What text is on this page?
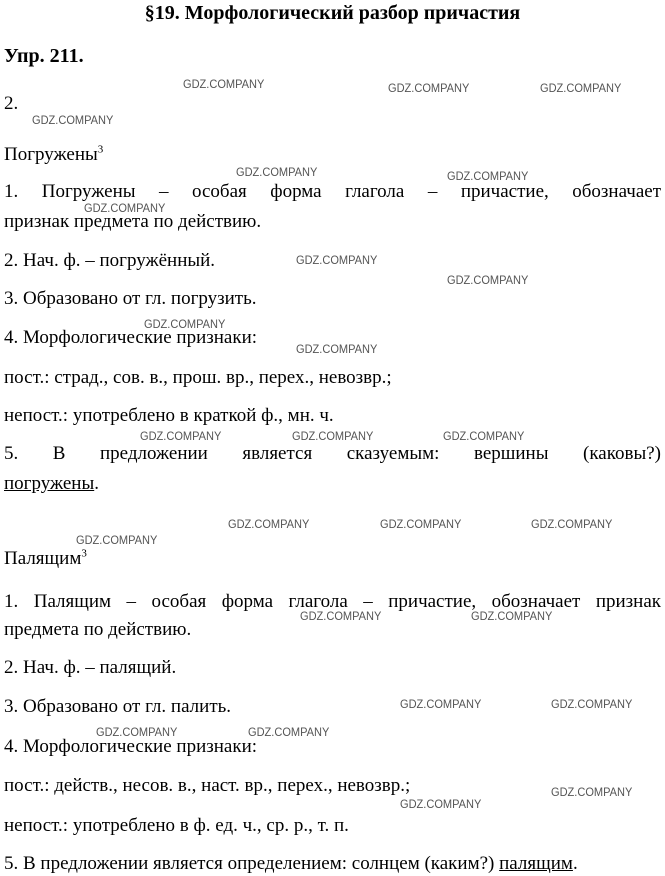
§19. Морфологический разбор причастия
Упр. 211.
2.
Погружены$^3$
1. Погружены – особая форма глагола – причастие, обозначает
признак предмета по действию.
2. Нач. ф. – погружённый.
3. Образовано от гл. погрузить.
4. Морфологические признаки:
пост.: страд., сов. в., прош. вр., перех., невозвр.;
непост.: употреблено в краткой ф., мн. ч.
5. В предложении является сказуемым: вершины (каковы?)
погружены.
Палящим$^3$
1. Палящим – особая форма глагола – причастие, обозначает признак
предмета по действию.
2. Нач. ф. – палящий.
3. Образовано от гл. палить.
4. Морфологические признаки:
пост.: действ., несов. в., наст. вр., перех., невозвр.;
непост.: употреблено в ф. ед. ч., ср. р., т. п.
5. В предложении является определением: солнцем (каким?) палящим.
GDZ.COMPANY	GDZ.COMPANY	GDZ.COMPANY
GDZ.COMPANY
GDZ.COMPANY	GDZ.COMPANY
GDZ.COMPANY
GDZ.COMPANY
GDZ.COMPANY
GDZ.COMPANY
GDZ.COMPANY
GDZ.COMPANY	GDZ.COMPANY	GDZ.COMPANY
GDZ.COMPANY	GDZ.COMPANY	GDZ.COMPANY
GDZ.COMPANY
GDZ.COMPANY	GDZ.COMPANY
GDZ.COMPANY	GDZ.COMPANY
GDZ.COMPANY	GDZ.COMPANY
GDZ.COMPANY
GDZ.COMPANY
